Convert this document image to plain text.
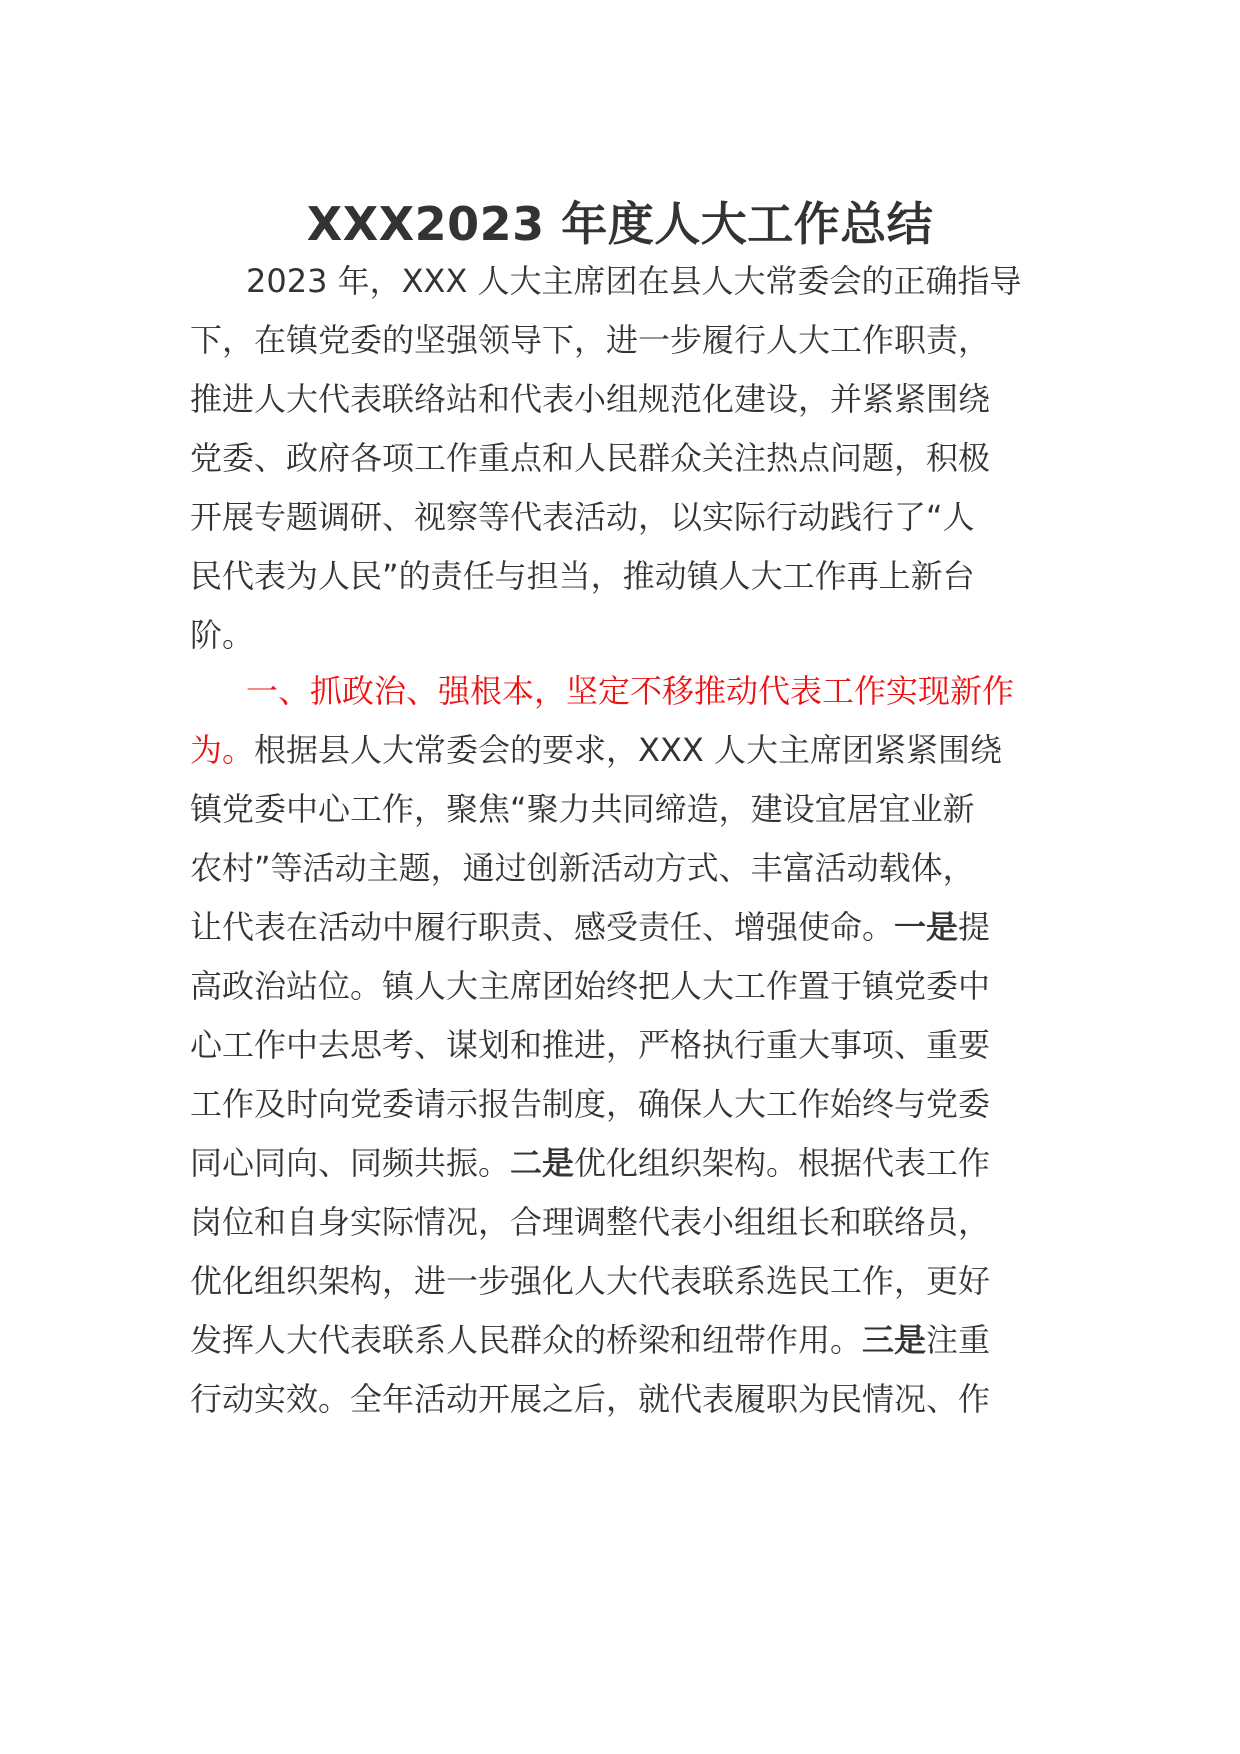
XXX2023 年度人大工作总结
2023 年，XXX 人大主席团在县人大常委会的正确指导
下，在镇党委的坚强领导下，进一步履行人大工作职责，
推进人大代表联络站和代表小组规范化建设，并紧紧围绕
党委、政府各项工作重点和人民群众关注热点问题，积极
开展专题调研、视察等代表活动，以实际行动践行了“人
民代表为人民”的责任与担当，推动镇人大工作再上新台
阶。
一、抓政治、强根本，坚定不移推动代表工作实现新作
为。根据县人大常委会的要求，XXX 人大主席团紧紧围绕
镇党委中心工作，聚焦“聚力共同缔造，建设宜居宜业新
农村”等活动主题，通过创新活动方式、丰富活动载体，
让代表在活动中履行职责、感受责任、增强使命。一是提
高政治站位。镇人大主席团始终把人大工作置于镇党委中
心工作中去思考、谋划和推进，严格执行重大事项、重要
工作及时向党委请示报告制度，确保人大工作始终与党委
同心同向、同频共振。二是优化组织架构。根据代表工作
岗位和自身实际情况，合理调整代表小组组长和联络员，
优化组织架构，进一步强化人大代表联系选民工作，更好
发挥人大代表联系人民群众的桥梁和纽带作用。三是注重
行动实效。全年活动开展之后，就代表履职为民情况、作
